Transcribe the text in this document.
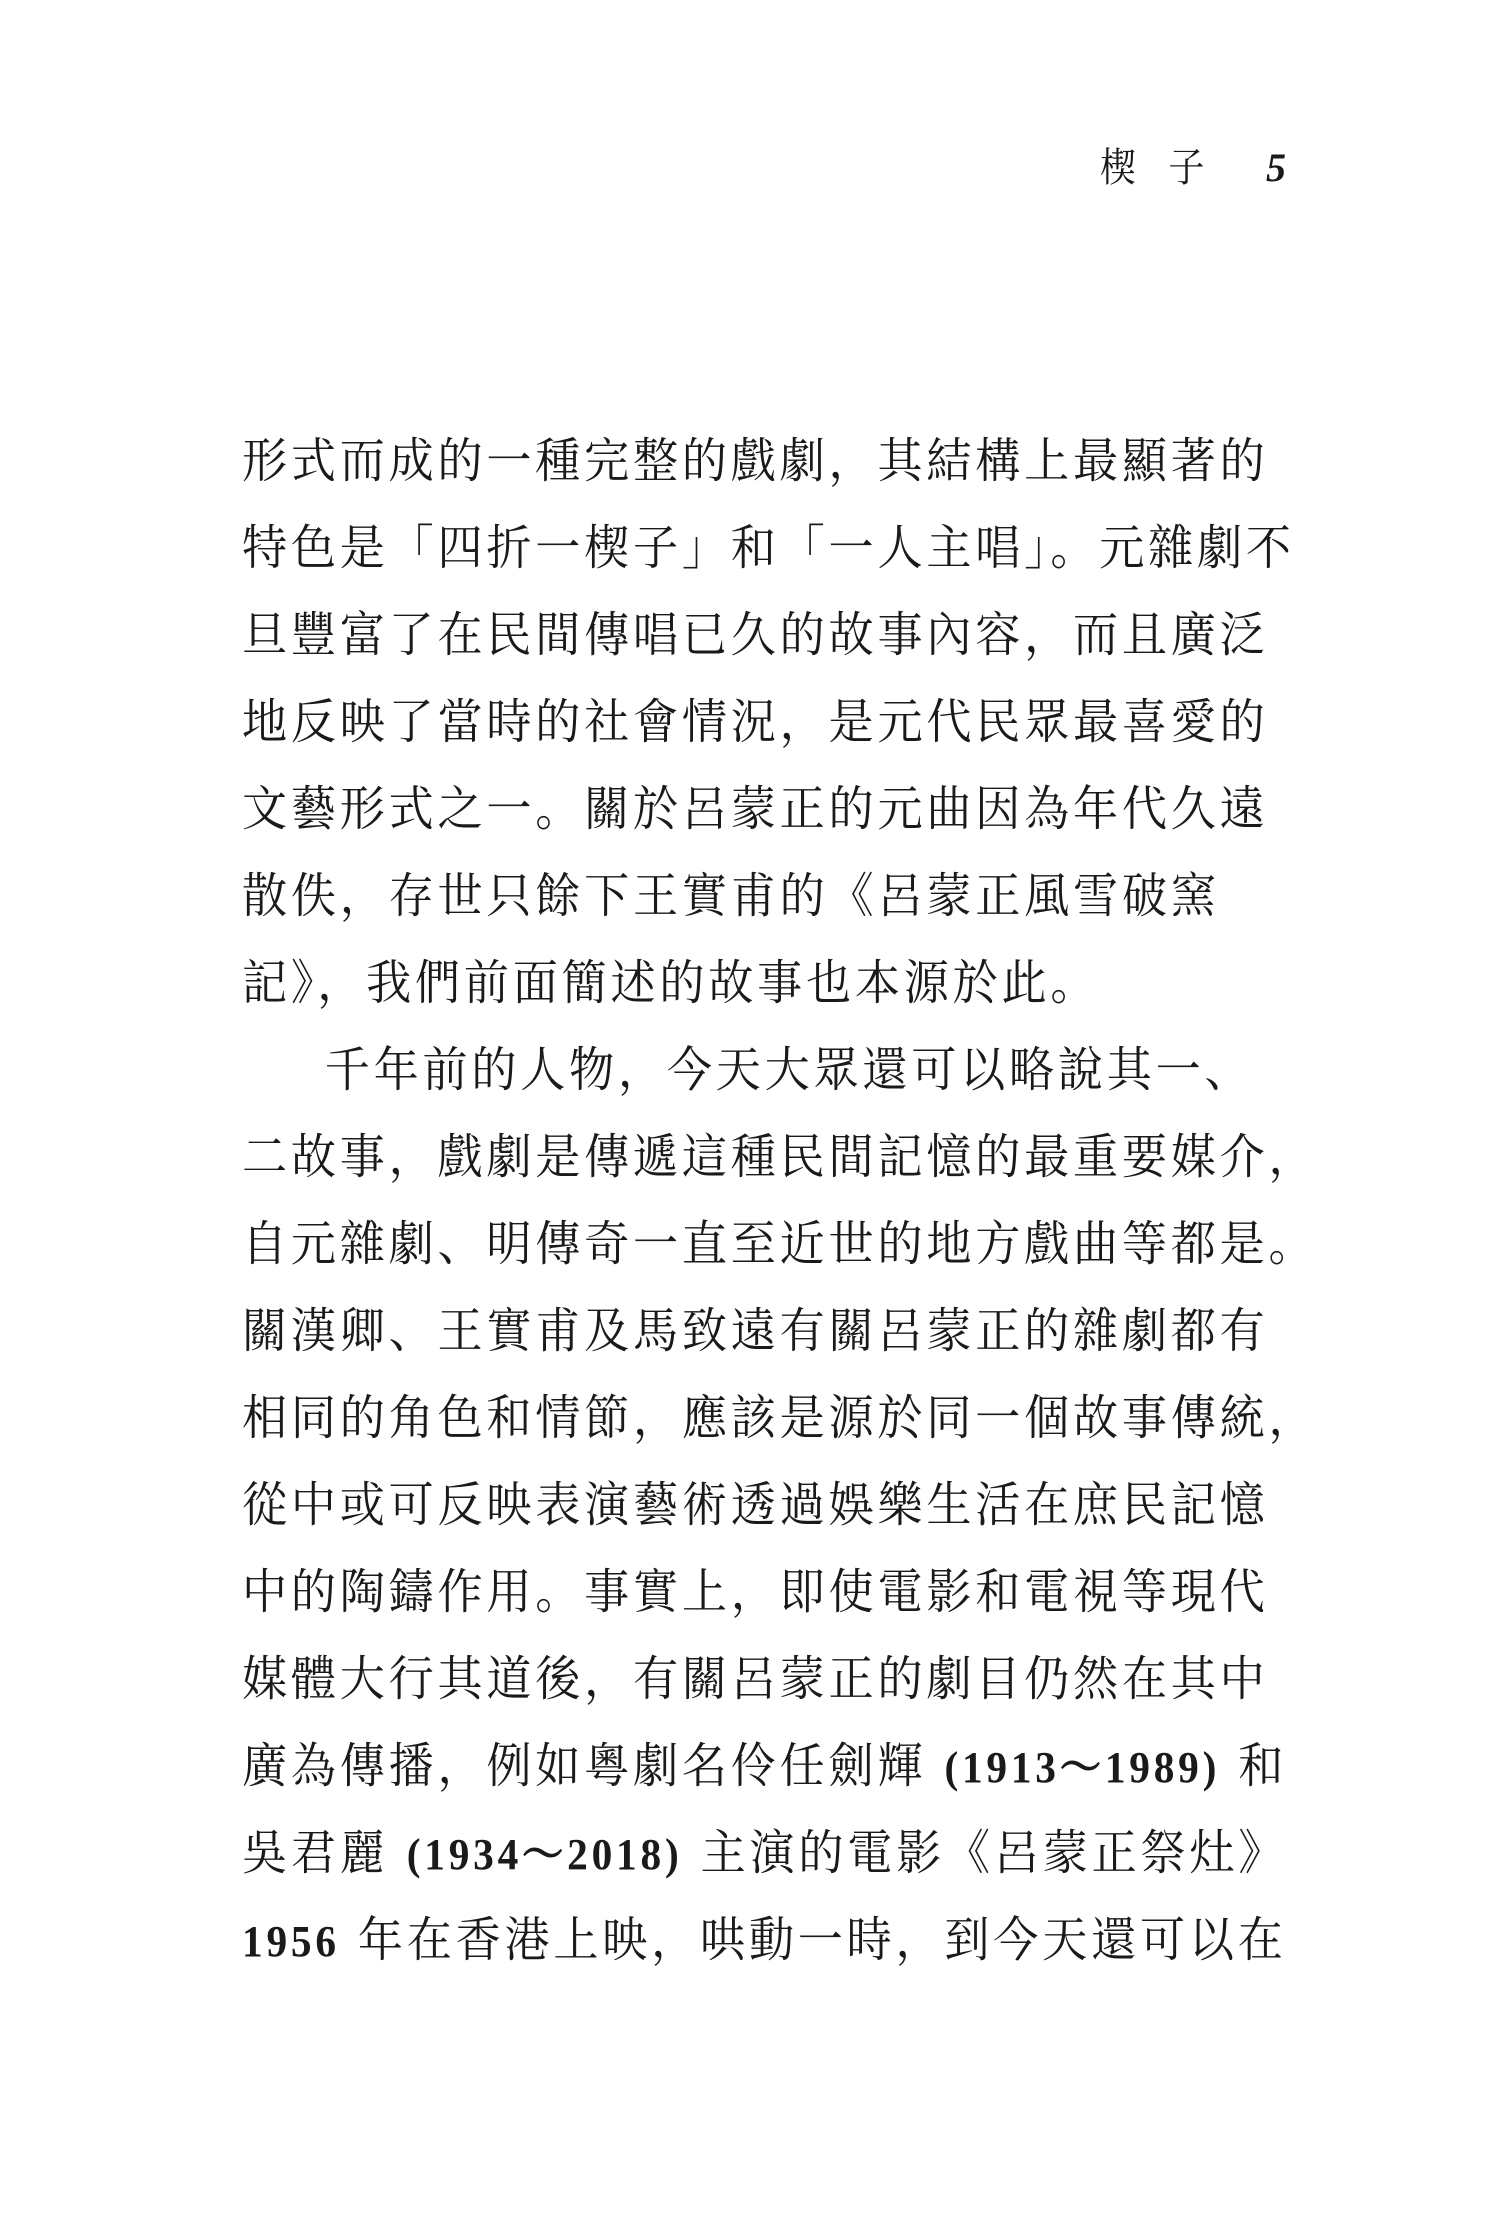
楔子 5
形式而成的一種完整的戲劇，其結構上最顯著的
特色是「四折一楔子」和「一人主唱」。元雜劇不
旦豐富了在民間傳唱已久的故事內容，而且廣泛
地反映了當時的社會情況，是元代民眾最喜愛的
文藝形式之一。關於呂蒙正的元曲因為年代久遠
散佚，存世只餘下王實甫的《呂蒙正風雪破窯
記》，我們前面簡述的故事也本源於此。
千年前的人物，今天大眾還可以略說其一、
二故事，戲劇是傳遞這種民間記憶的最重要媒介，
自元雜劇、明傳奇一直至近世的地方戲曲等都是。
關漢卿、王實甫及馬致遠有關呂蒙正的雜劇都有
相同的角色和情節，應該是源於同一個故事傳統，
從中或可反映表演藝術透過娛樂生活在庶民記憶
中的陶鑄作用。事實上，即使電影和電視等現代
媒體大行其道後，有關呂蒙正的劇目仍然在其中
廣為傳播，例如粵劇名伶任劍輝 (1913～1989) 和
吳君麗 (1934～2018) 主演的電影《呂蒙正祭灶》
1956 年在香港上映，哄動一時，到今天還可以在
